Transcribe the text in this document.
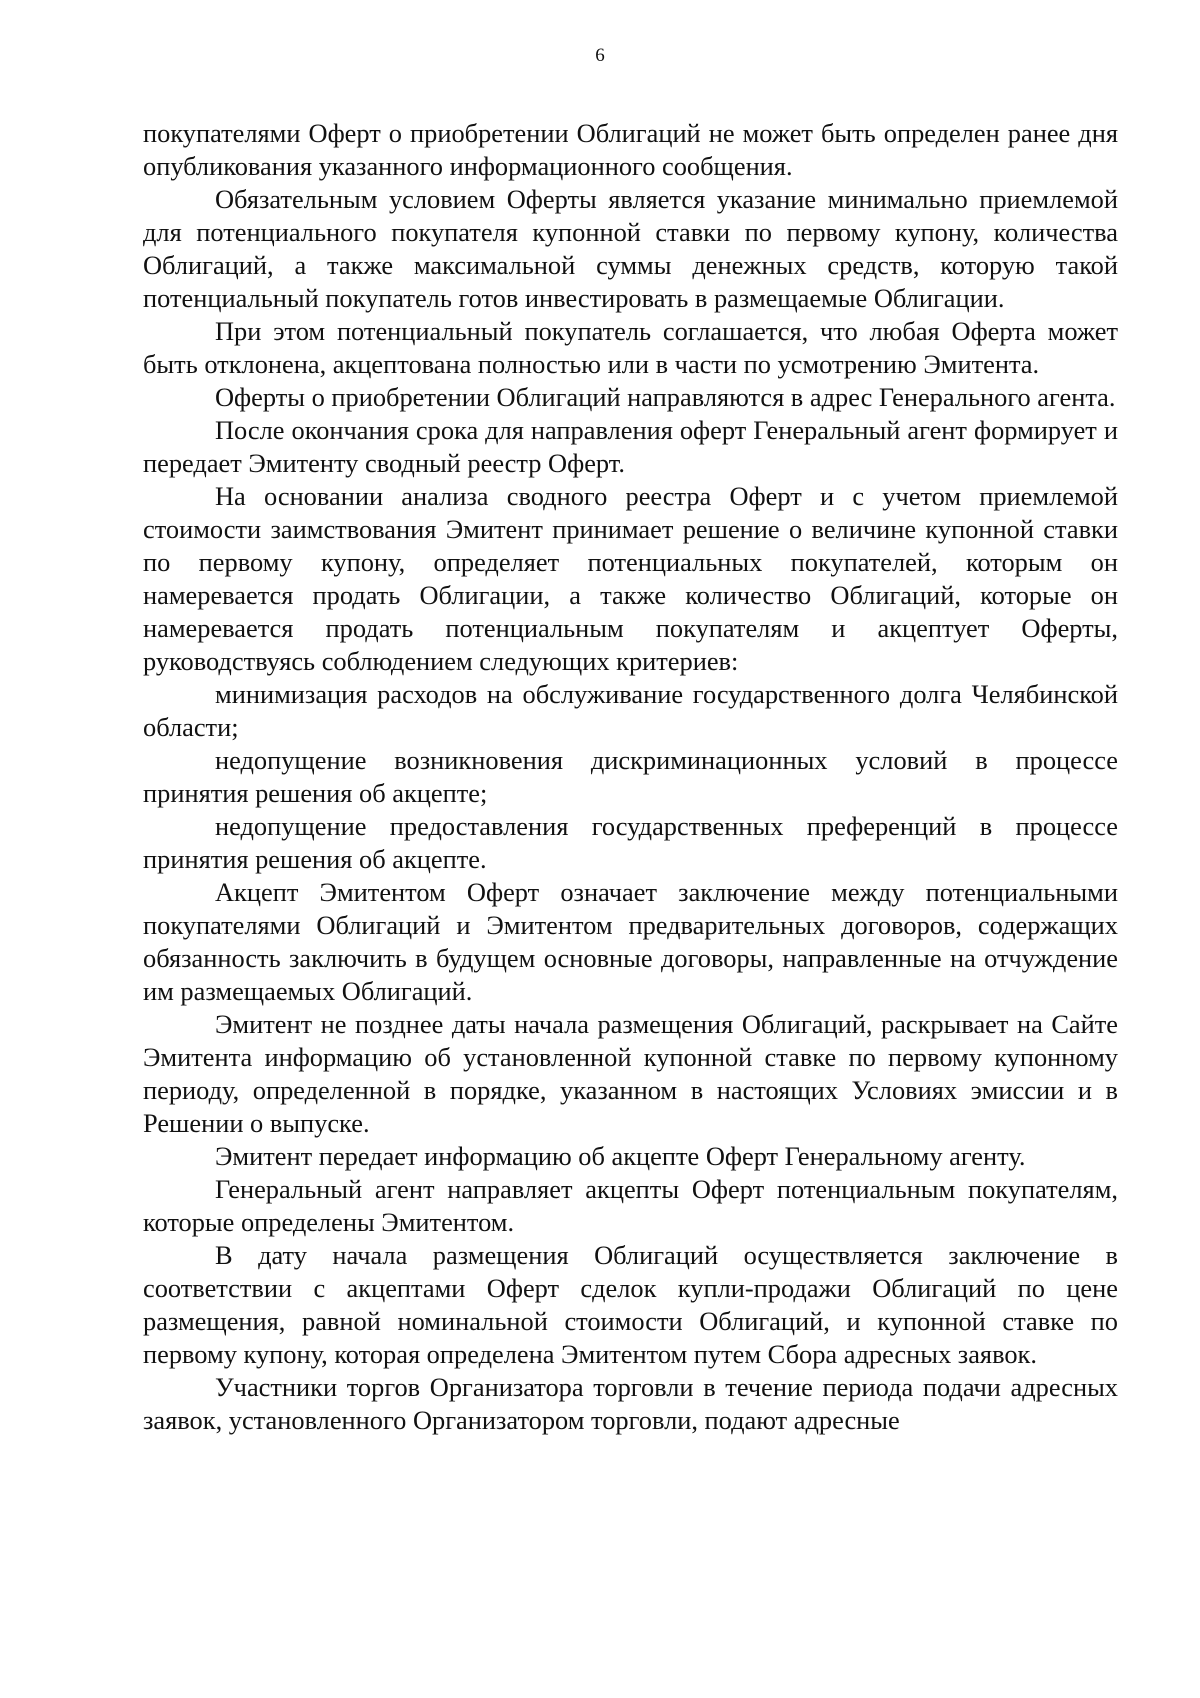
6

покупателями Оферт о приобретении Облигаций не может быть определен ранее дня опубликования указанного информационного сообщения.

Обязательным условием Оферты является указание минимально приемлемой для потенциального покупателя купонной ставки по первому купону, количества Облигаций, а также максимальной суммы денежных средств, которую такой потенциальный покупатель готов инвестировать в размещаемые Облигации.

При этом потенциальный покупатель соглашается, что любая Оферта может быть отклонена, акцептована полностью или в части по усмотрению Эмитента.

Оферты о приобретении Облигаций направляются в адрес Генерального агента.

После окончания срока для направления оферт Генеральный агент формирует и передает Эмитенту сводный реестр Оферт.

На основании анализа сводного реестра Оферт и с учетом приемлемой стоимости заимствования Эмитент принимает решение о величине купонной ставки по первому купону, определяет потенциальных покупателей, которым он намеревается продать Облигации, а также количество Облигаций, которые он намеревается продать потенциальным покупателям и акцептует Оферты, руководствуясь соблюдением следующих критериев:

минимизация расходов на обслуживание государственного долга Челябинской области;

недопущение возникновения дискриминационных условий в процессе принятия решения об акцепте;

недопущение предоставления государственных преференций в процессе принятия решения об акцепте.

Акцепт Эмитентом Оферт означает заключение между потенциальными покупателями Облигаций и Эмитентом предварительных договоров, содержащих обязанность заключить в будущем основные договоры, направленные на отчуждение им размещаемых Облигаций.

Эмитент не позднее даты начала размещения Облигаций, раскрывает на Сайте Эмитента информацию об установленной купонной ставке по первому купонному периоду, определенной в порядке, указанном в настоящих Условиях эмиссии и в Решении о выпуске.

Эмитент передает информацию об акцепте Оферт Генеральному агенту.

Генеральный агент направляет акцепты Оферт потенциальным покупателям, которые определены Эмитентом.

В дату начала размещения Облигаций осуществляется заключение в соответствии с акцептами Оферт сделок купли-продажи Облигаций по цене размещения, равной номинальной стоимости Облигаций, и купонной ставке по первому купону, которая определена Эмитентом путем Сбора адресных заявок.

Участники торгов Организатора торговли в течение периода подачи адресных заявок, установленного Организатором торговли, подают адресные
